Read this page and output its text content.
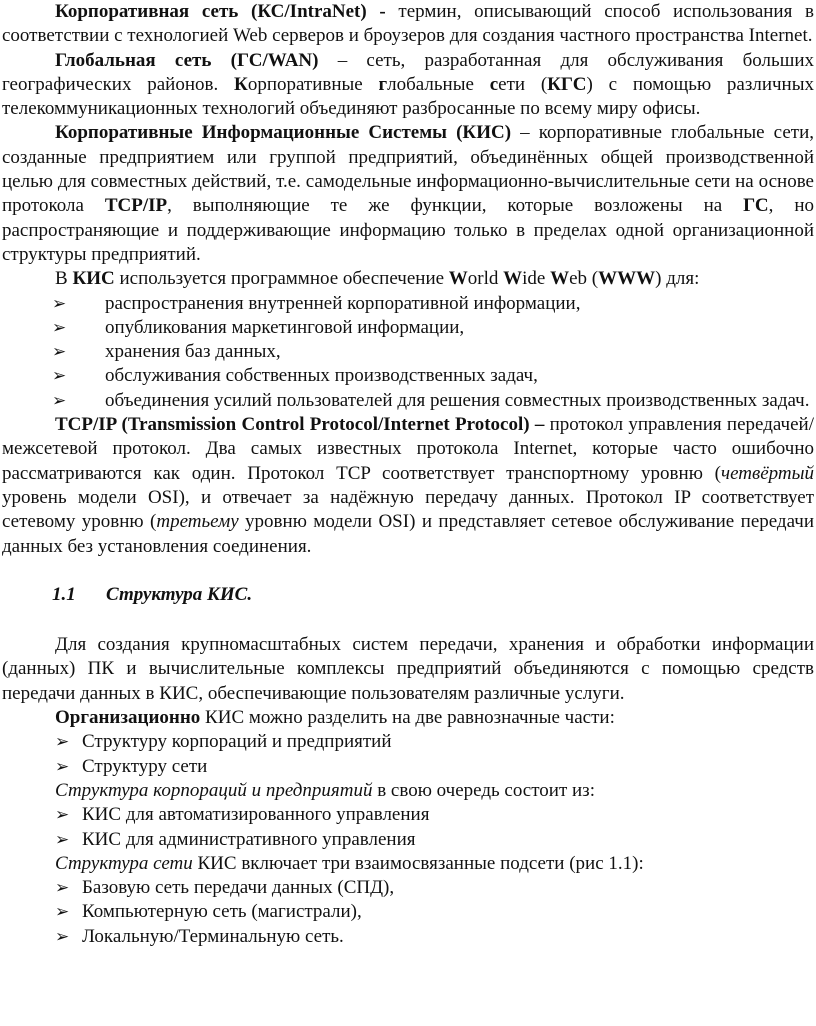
Корпоративная сеть (КС/IntraNet) - термин, описывающий способ использования в соответствии с технологией Web серверов и броузеров для создания частного пространства Internet.

Глобальная сеть (ГС/WAN) – сеть, разработанная для обслуживания больших географических районов. Корпоративные глобальные сети (КГС) с помощью различных телекоммуникационных технологий объединяют разбросанные по всему миру офисы.

Корпоративные Информационные Системы (КИС) – корпоративные глобальные сети, созданные предприятием или группой предприятий, объединённых общей производственной целью для совместных действий, т.е. самодельные информационно-вычислительные сети на основе протокола TCP/IP, выполняющие те же функции, которые возложены на ГС, но распространяющие и поддерживающие информацию только в пределах одной организационной структуры предприятий.

В КИС используется программное обеспечение World Wide Web (WWW) для:

➢	распространения внутренней корпоративной информации,
➢	опубликования маркетинговой информации,
➢	хранения баз данных,
➢	обслуживания собственных производственных задач,
➢	объединения усилий пользователей для решения совместных производственных задач.

TCP/IP (Transmission Control Protocol/Internet Protocol) – протокол управления передачей/межсетевой протокол. Два самых известных протокола Internet, которые часто ошибочно рассматриваются как один. Протокол TCP соответствует транспортному уровню (четвёртый уровень модели OSI), и отвечает за надёжную передачу данных. Протокол IP соответствует сетевому уровню (третьему уровню модели OSI) и представляет сетевое обслуживание передачи данных без установления соединения.

1.1 Структура КИС.

Для создания крупномасштабных систем передачи, хранения и обработки информации (данных) ПК и вычислительные комплексы предприятий объединяются с помощью средств передачи данных в КИС, обеспечивающие пользователям различные услуги.

Организационно КИС можно разделить на две равнозначные части:

➢ Структуру корпораций и предприятий
➢ Структуру сети

Структура корпораций и предприятий в свою очередь состоит из:

➢ КИС для автоматизированного управления
➢ КИС для административного управления

Структура сети КИС включает три взаимосвязанные подсети (рис 1.1):

➢ Базовую сеть передачи данных (СПД),
➢ Компьютерную сеть (магистрали),
➢ Локальную/Терминальную сеть.
